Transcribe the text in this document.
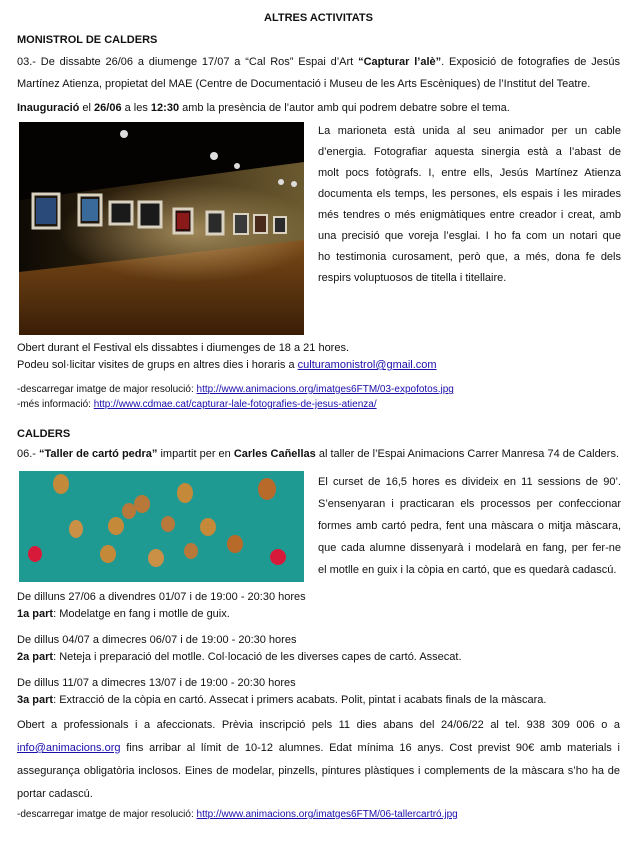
ALTRES ACTIVITATS
MONISTROL DE CALDERS
03.- De dissabte 26/06 a diumenge 17/07 a “Cal Ros” Espai d’Art “Capturar l’alè”. Exposició de fotografies de Jesús
Martínez Atienza, propietat del MAE (Centre de Documentació i Museu de les Arts Escèniques) de l’Institut del Teatre.
Inauguració el 26/06 a les 12:30 amb la presència de l’autor amb qui podrem debatre sobre el tema.
La marioneta està unida al seu animador per un cable
d’energia. Fotografiar aquesta sinergia està a l’abast de
molt pocs fotògrafs. I, entre ells, Jesús Martínez Atienza
documenta els temps, les persones, els espais i les mirades
més tendres o més enigmàtiques entre creador i creat, amb
una precisió que voreja l’esglai. I ho fa com un notari que
ho testimonia curosament, però que, a més, dona fe dels
respirs voluptuosos de titella i titellaire.
Obert durant el Festival els dissabtes i diumenges de 18 a 21 hores.
Podeu sol·licitar visites de grups en altres dies i horaris a culturamonistrol@gmail.com
-descarregar imatge de major resolució: http://www.animacions.org/imatges6FTM/03-expofotos.jpg
-més informació: http://www.cdmae.cat/capturar-lale-fotografies-de-jesus-atienza/
CALDERS
06.- “Taller de cartó pedra” impartit per en Carles Cañellas al taller de l’Espai Animacions Carrer Manresa 74 de Calders.
El curset de 16,5 hores es divideix en 11 sessions de 90’.
S’ensenyaran i practicaran els processos per confeccionar
formes amb cartó pedra, fent una màscara o mitja màscara,
que cada alumne dissenyarà i modelarà en fang, per fer-ne
el motlle en guix i la còpia en cartó, que es quedarà cadascú.
De dilluns 27/06 a divendres 01/07 i de 19:00 - 20:30 hores
1a part: Modelatge en fang i motlle de guix.
De dillus 04/07 a dimecres 06/07 i de 19:00 - 20:30 hores
2a part: Neteja i preparació del motlle. Col·locació de les diverses capes de cartó. Assecat.
De dillus 11/07 a dimecres 13/07 i de 19:00 - 20:30 hores
3a part: Extracció de la còpia en cartó. Assecat i primers acabats. Polit, pintat i acabats finals de la màscara.
Obert a professionals i a afeccionats. Prèvia inscripció pels 11 dies abans del 24/06/22 al tel. 938 309 006 o a
info@animacions.org fins arribar al límit de 10-12 alumnes. Edat mínima 16 anys. Cost previst 90€ amb materials i
assegurança obligatòria inclosos. Eines de modelar, pinzells, pintures plàstiques i complements de la màscara s’ho ha de
portar cadascú.
-descarregar imatge de major resolució: http://www.animacions.org/imatges6FTM/06-tallercartró.jpg
